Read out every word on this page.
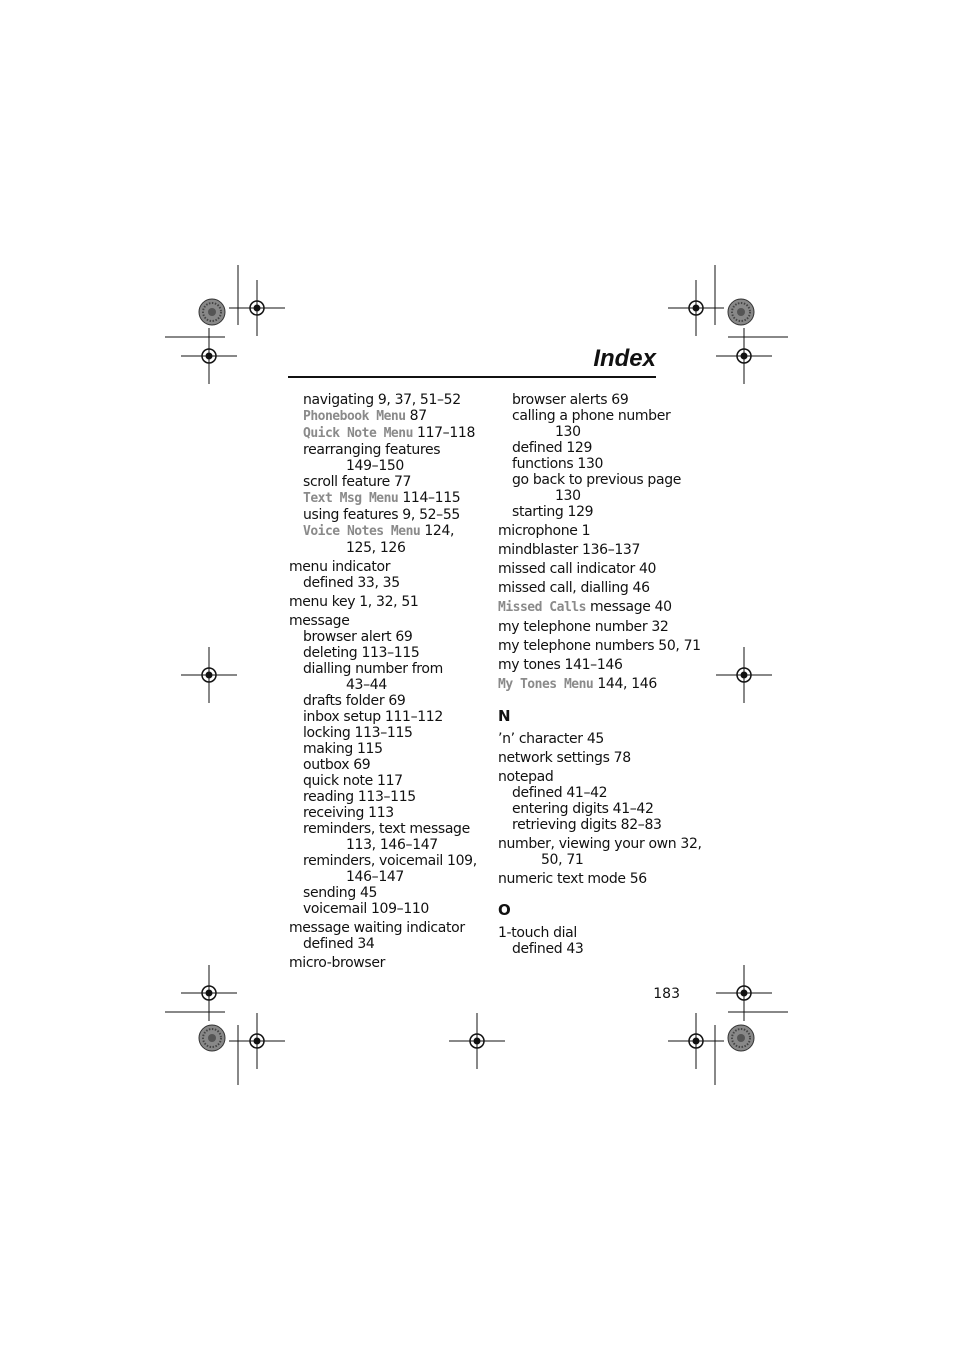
Index
navigating 9, 37, 51–52
Phonebook Menu 87
Quick Note Menu 117–118
rearranging features
149–150
scroll feature 77
Text Msg Menu 114–115
using features 9, 52–55
Voice Notes Menu 124,
125, 126
menu indicator
defined 33, 35
menu key 1, 32, 51
message
browser alert 69
deleting 113–115
dialling number from
43–44
drafts folder 69
inbox setup 111–112
locking 113–115
making 115
outbox 69
quick note 117
reading 113–115
receiving 113
reminders, text message
113, 146–147
reminders, voicemail 109,
146–147
sending 45
voicemail 109–110
message waiting indicator
defined 34
micro-browser
browser alerts 69
calling a phone number
130
defined 129
functions 130
go back to previous page
130
starting 129
microphone 1
mindblaster 136–137
missed call indicator 40
missed call, dialling 46
Missed Calls message 40
my telephone number 32
my telephone numbers 50, 71
my tones 141–146
My Tones Menu 144, 146
N
’n’ character 45
network settings 78
notepad
defined 41–42
entering digits 41–42
retrieving digits 82–83
number, viewing your own 32,
50, 71
numeric text mode 56
O
1-touch dial
defined 43
183
